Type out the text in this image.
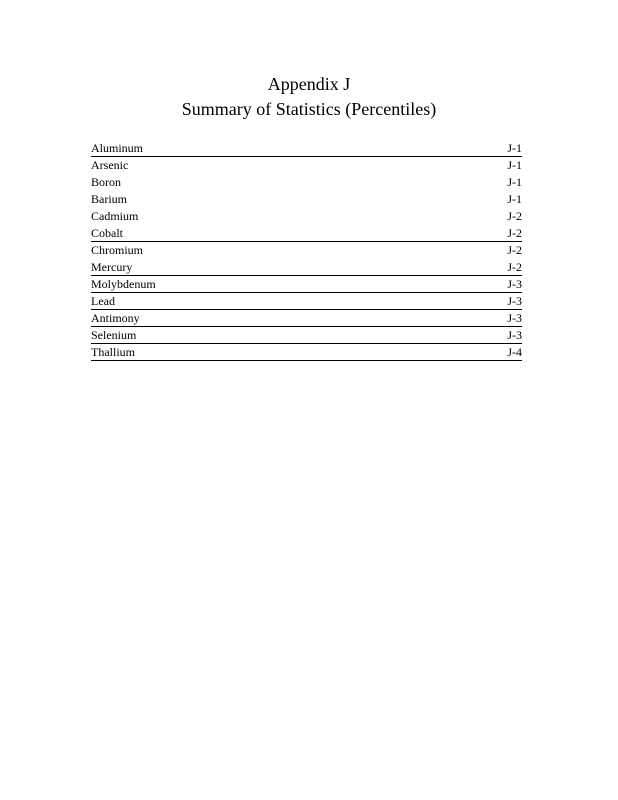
Appendix J
Summary of Statistics (Percentiles)
Aluminum	J-1
Arsenic	J-1
Boron	J-1
Barium	J-1
Cadmium	J-2
Cobalt	J-2
Chromium	J-2
Mercury	J-2
Molybdenum	J-3
Lead	J-3
Antimony	J-3
Selenium	J-3
Thallium	J-4
